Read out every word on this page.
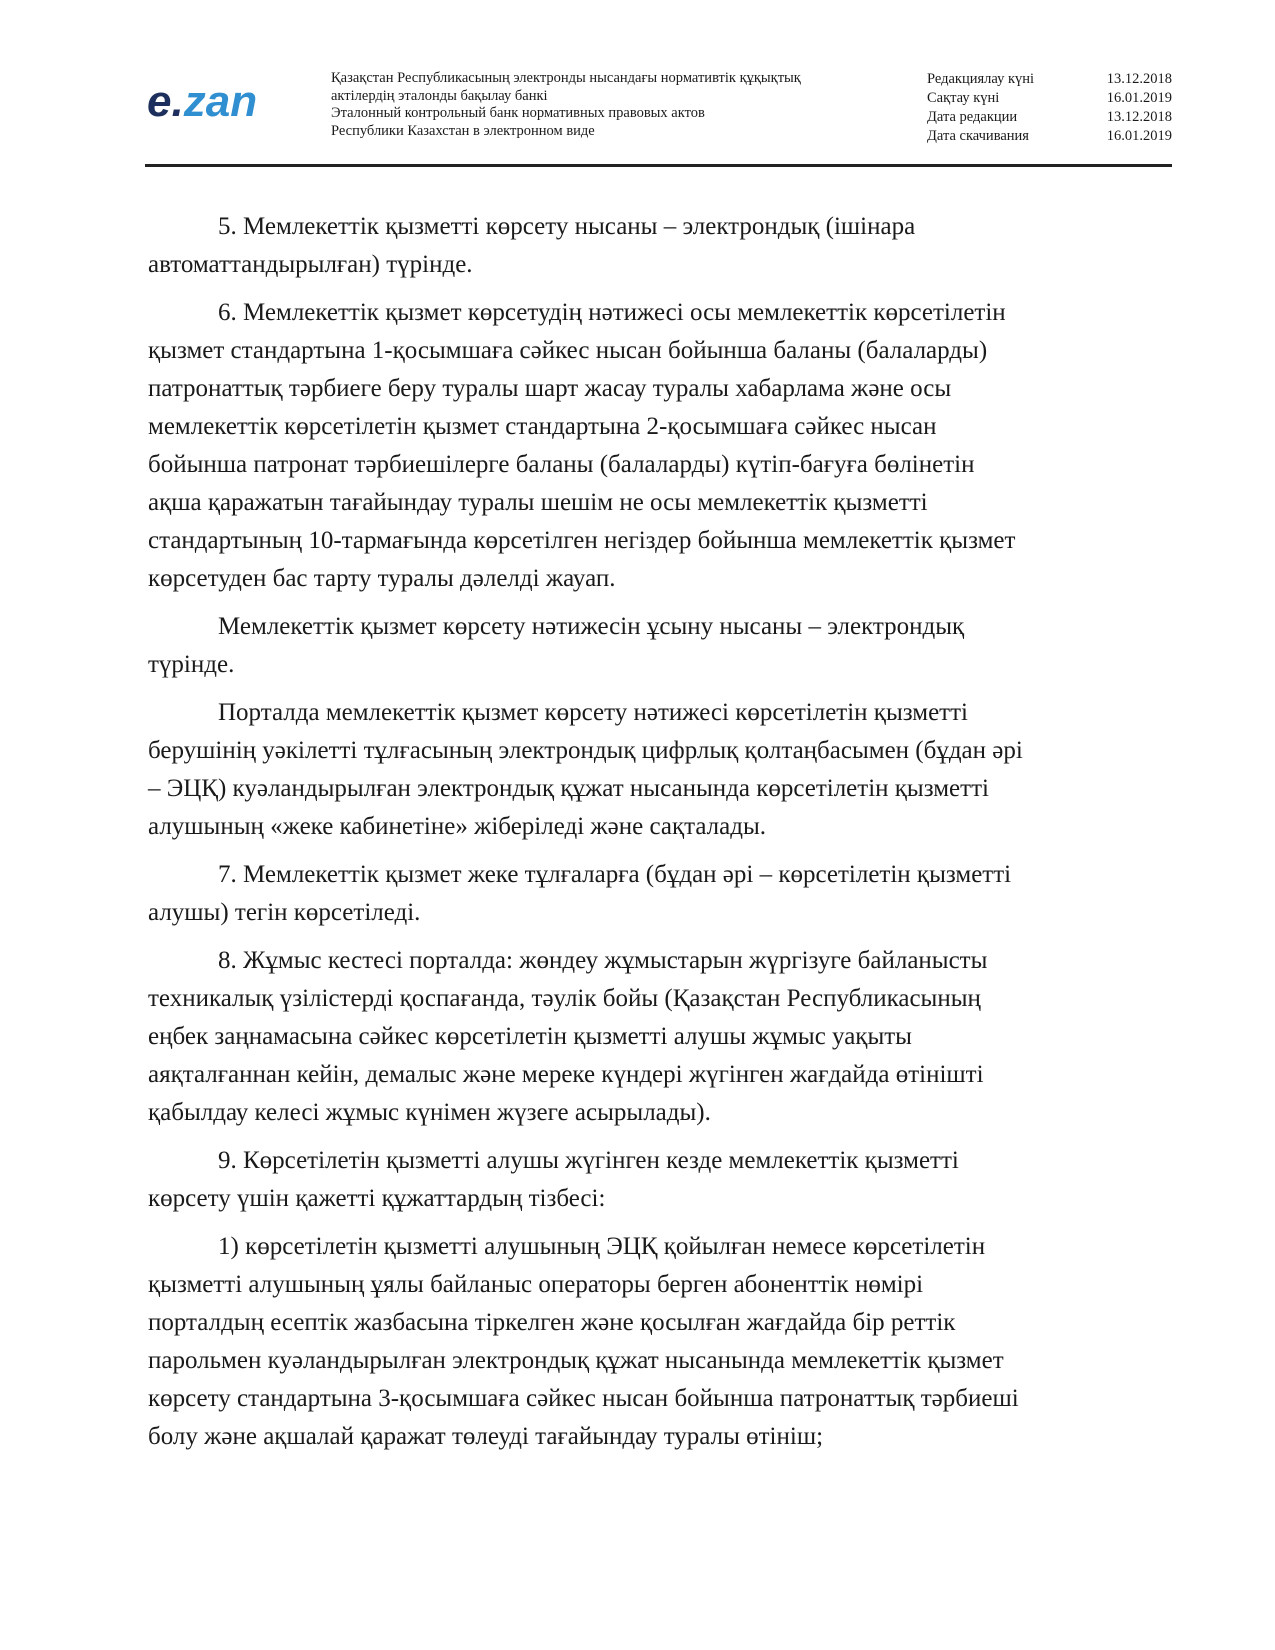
e.zan	Қазақстан Республикасының электронды нысандағы нормативтік құқықтық
актілердің эталонды бақылау банкі
Эталонный контрольный банк нормативных правовых актов
Республики Казахстан в электронном виде
Редакциялау күні	13.12.2018
Сақтау күні	16.01.2019
Дата редакции	13.12.2018
Дата скачивания	16.01.2019
5. Мемлекеттік қызметті көрсету нысаны – электрондық (ішінара
автоматтандырылған) түрінде.
6. Мемлекеттік қызмет көрсетудің нәтижесі осы мемлекеттік көрсетілетін
қызмет стандартына 1-қосымшаға сәйкес нысан бойынша баланы (балаларды)
патронаттық тәрбиеге беру туралы шарт жасау туралы хабарлама және осы
мемлекеттік көрсетілетін қызмет стандартына 2-қосымшаға сәйкес нысан
бойынша патронат тәрбиешілерге баланы (балаларды) күтіп-бағуға бөлінетін
ақша қаражатын тағайындау туралы шешім не осы мемлекеттік қызметті
стандартының 10-тармағында көрсетілген негіздер бойынша мемлекеттік қызмет
көрсетуден бас тарту туралы дәлелді жауап.
Мемлекеттік қызмет көрсету нәтижесін ұсыну нысаны – электрондық
түрінде.
Порталда мемлекеттік қызмет көрсету нәтижесі көрсетілетін қызметті
берушінің уәкілетті тұлғасының электрондық цифрлық қолтаңбасымен (бұдан әрі
– ЭЦҚ) куәландырылған электрондық құжат нысанында көрсетілетін қызметті
алушының «жеке кабинетіне» жіберіледі және сақталады.
7. Мемлекеттік қызмет жеке тұлғаларға (бұдан әрі – көрсетілетін қызметті
алушы) тегін көрсетіледі.
8. Жұмыс кестесі порталда: жөндеу жұмыстарын жүргізуге байланысты
техникалық үзілістерді қоспағанда, тәулік бойы (Қазақстан Республикасының
еңбек заңнамасына сәйкес көрсетілетін қызметті алушы жұмыс уақыты
аяқталғаннан кейін, демалыс және мереке күндері жүгінген жағдайда өтінішті
қабылдау келесі жұмыс күнімен жүзеге асырылады).
9. Көрсетілетін қызметті алушы жүгінген кезде мемлекеттік қызметті
көрсету үшін қажетті құжаттардың тізбесі:
1) көрсетілетін қызметті алушының ЭЦҚ қойылған немесе көрсетілетін
қызметті алушының ұялы байланыс операторы берген абоненттік нөмірі
порталдың есептік жазбасына тіркелген және қосылған жағдайда бір реттік
парольмен куәландырылған электрондық құжат нысанында мемлекеттік қызмет
көрсету стандартына 3-қосымшаға сәйкес нысан бойынша патронаттық тәрбиеші
болу және ақшалай қаражат төлеуді тағайындау туралы өтініш;
